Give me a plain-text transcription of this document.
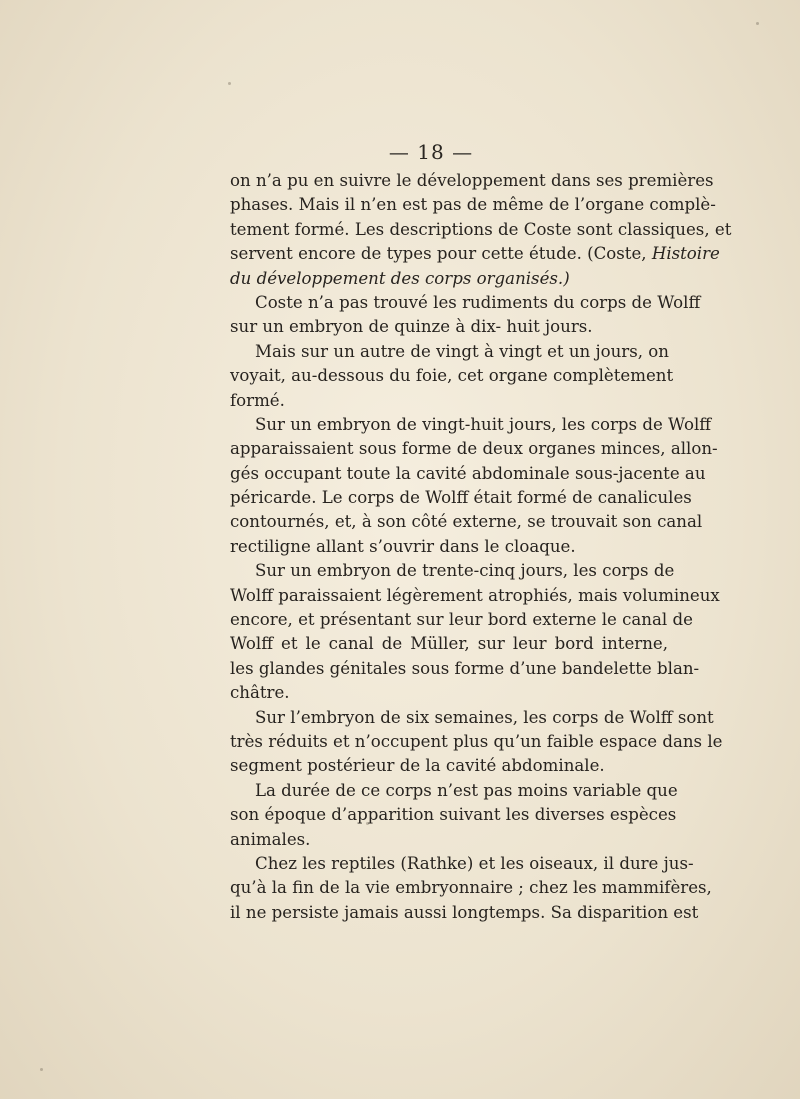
— 18 —
on n’a pu en suivre le développement dans ses premières
phases. Mais il n’en est pas de même de l’organe complè-
tement formé. Les descriptions de Coste sont classiques, et
servent encore de types pour cette étude. (Coste, Histoire
du développement des corps organisés.)
Coste n’a pas trouvé les rudiments du corps de Wolff
sur un embryon de quinze à dix- huit jours.
Mais sur un autre de vingt à vingt et un jours, on
voyait, au-dessous du foie, cet organe complètement
formé.
Sur un embryon de vingt-huit jours, les corps de Wolff
apparaissaient sous forme de deux organes minces, allon-
gés occupant toute la cavité abdominale sous-jacente au
péricarde. Le corps de Wolff était formé de canalicules
contournés, et, à son côté externe, se trouvait son canal
rectiligne allant s’ouvrir dans le cloaque.
Sur un embryon de trente-cinq jours, les corps de
Wolff paraissaient légèrement atrophiés, mais volumineux
encore, et présentant sur leur bord externe le canal de
Wolff et le canal de Müller, sur leur bord interne,
les glandes génitales sous forme d’une bandelette blan-
châtre.
Sur l’embryon de six semaines, les corps de Wolff sont
très réduits et n’occupent plus qu’un faible espace dans le
segment postérieur de la cavité abdominale.
La durée de ce corps n’est pas moins variable que
son époque d’apparition suivant les diverses espèces
animales.
Chez les reptiles (Rathke) et les oiseaux, il dure jus-
qu’à la fin de la vie embryonnaire ; chez les mammifères,
il ne persiste jamais aussi longtemps. Sa disparition est
